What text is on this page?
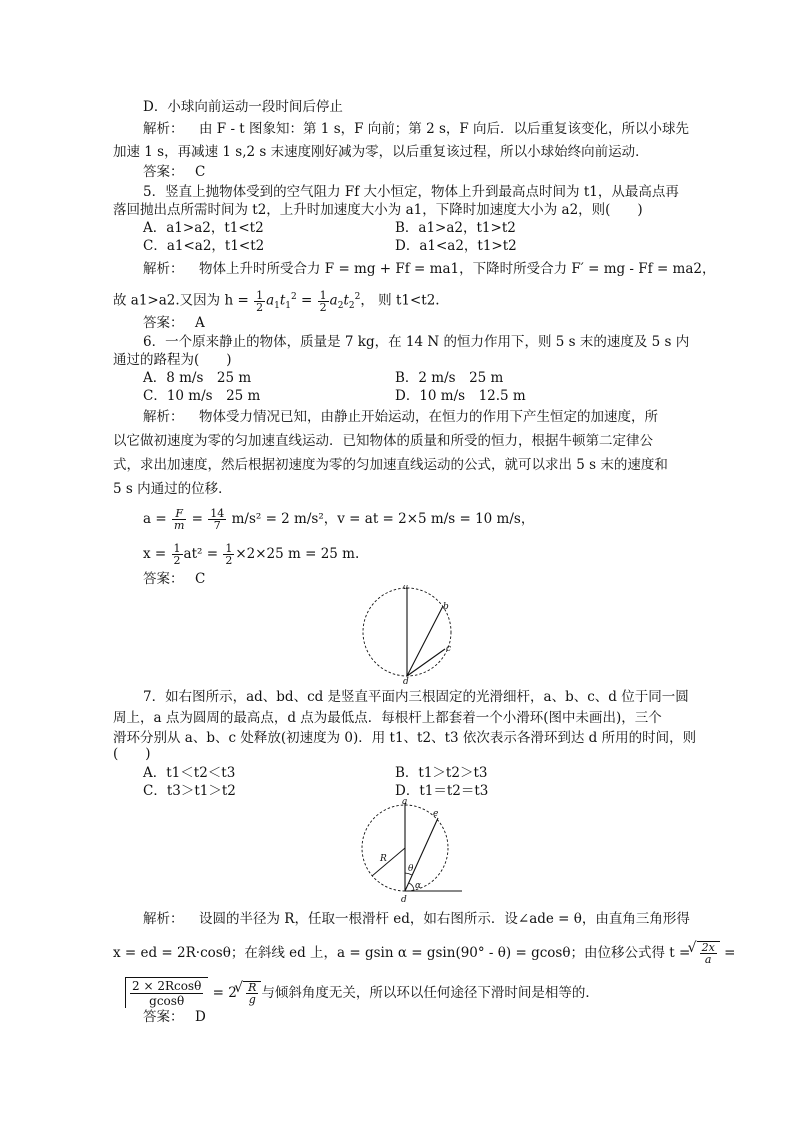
D．小球向前运动一段时间后停止
解析： 由 F - t 图象知：第 1 s，F 向前；第 2 s，F 向后．以后重复该变化，所以小球先
加速 1 s，再减速 1 s,2 s 末速度刚好减为零，以后重复该过程，所以小球始终向前运动．
答案： C
5．竖直上抛物体受到的空气阻力 Ff 大小恒定，物体上升到最高点时间为 t1，从最高点再
落回抛出点所需时间为 t2，上升时加速度大小为 a1，下降时加速度大小为 a2，则(　　)
A．a1>a2，t1<t2	B．a1>a2，t1>t2
C．a1<a2，t1<t2	D．a1<a2，t1>t2
解析： 物体上升时所受合力 F = mg + Ff = ma1，下降时所受合力 F′ = mg - Ff = ma2，
故 a1>a2.又因为 $h = \frac{1}{2} a_1t_1^2 = \frac{1}{2} a_2t_2^2$， 则 t1<t2.
答案： A
6．一个原来静止的物体，质量是 7 kg，在 14 N 的恒力作用下，则 5 s 末的速度及 5 s 内
通过的路程为(　　)
A．8 m/s　25 m	B．2 m/s　25 m
C．10 m/s　25 m	D．10 m/s　12.5 m
解析： 物体受力情况已知，由静止开始运动，在恒力的作用下产生恒定的加速度，所
以它做初速度为零的匀加速直线运动．已知物体的质量和所受的恒力，根据牛顿第二定律公
式，求出加速度，然后根据初速度为零的匀加速直线运动的公式，就可以求出 5 s 末的速度和
5 s 内通过的位移．
$a = \frac{F}{m} = \frac{14}{7} m/s^2 = 2$ m/s²，v = at = 2×5 m/s = 10 m/s，
$x = \frac{1}{2} at^2 = \frac{1}{2} \times 2\times 25$ m = 25 m.
答案： C	a
b
c
d
7．如右图所示，ad、bd、cd 是竖直平面内三根固定的光滑细杆，a、b、c、d 位于同一圆
周上，a 点为圆周的最高点，d 点为最低点．每根杆上都套着一个小滑环(图中未画出)，三个
滑环分别从 a、b、c 处释放(初速度为 0)．用 t1、t2、t3 依次表示各滑环到达 d 所用的时间，则
(　　)
A．t1＜t2＜t3	B．t1＞t2＞t3
C．t3＞t1＞t2	D．t1＝t2＝t3
a
e
R
θ
α
d
解析： 设圆的半径为 R，任取一根滑杆 ed，如右图所示．设∠ade = θ，由直角三角形得
x = ed = 2R·cosθ；在斜线 ed 上，a = gsin α = gsin(90° - θ) = gcosθ；由位移公式得 t = √ $\frac{2x}{a}$ =
$\frac{2 \times 2Rcos\theta}{gcos\theta} = 2$ √ $\frac{R}{g}$ 与倾斜角度无关，所以环以任何途径下滑时间是相等的．
答案： D
